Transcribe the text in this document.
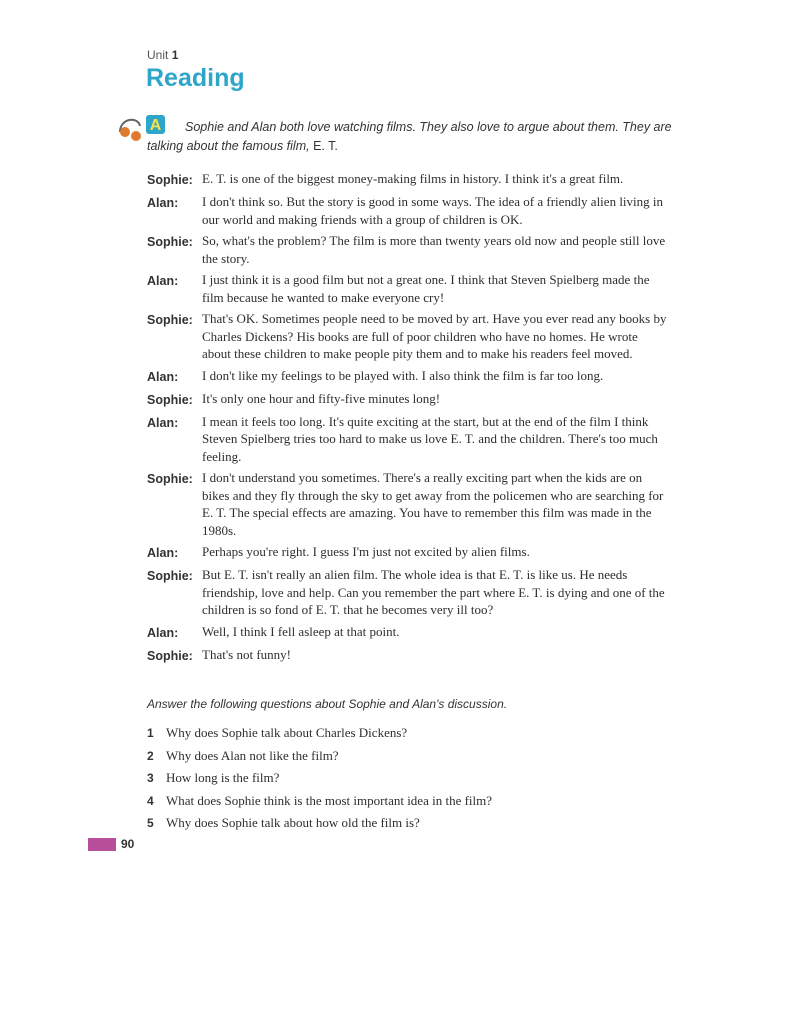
Unit 1
Reading
A Sophie and Alan both love watching films. They also love to argue about them. They are
talking about the famous film, E. T.
Sophie: E. T. is one of the biggest money-making films in history. I think it's a great film.
Alan:	I don't think so. But the story is good in some ways. The idea of a friendly alien living in our world and making friends with a group of children is OK.
Sophie: So, what's the problem? The film is more than twenty years old now and people still love the story.
Alan:	I just think it is a good film but not a great one. I think that Steven Spielberg made the film because he wanted to make everyone cry!
Sophie: That's OK. Sometimes people need to be moved by art. Have you ever read any books by Charles Dickens? His books are full of poor children who have no homes. He wrote about these children to make people pity them and to make his readers feel moved.
Alan:	I don't like my feelings to be played with. I also think the film is far too long.
Sophie: It's only one hour and fifty-five minutes long!
Alan:	I mean it feels too long. It's quite exciting at the start, but at the end of the film I think Steven Spielberg tries too hard to make us love E. T. and the children. There's too much feeling.
Sophie: I don't understand you sometimes. There's a really exciting part when the kids are on bikes and they fly through the sky to get away from the policemen who are searching for E. T. The special effects are amazing. You have to remember this film was made in the 1980s.
Alan:	Perhaps you're right. I guess I'm just not excited by alien films.
Sophie: But E. T. isn't really an alien film. The whole idea is that E. T. is like us. He needs friendship, love and help. Can you remember the part where E. T. is dying and one of the children is so fond of E. T. that he becomes very ill too?
Alan:	Well, I think I fell asleep at that point.
Sophie: That's not funny!
Answer the following questions about Sophie and Alan's discussion.
1 Why does Sophie talk about Charles Dickens?
2 Why does Alan not like the film?
3 How long is the film?
4 What does Sophie think is the most important idea in the film?
5 Why does Sophie talk about how old the film is?
90
